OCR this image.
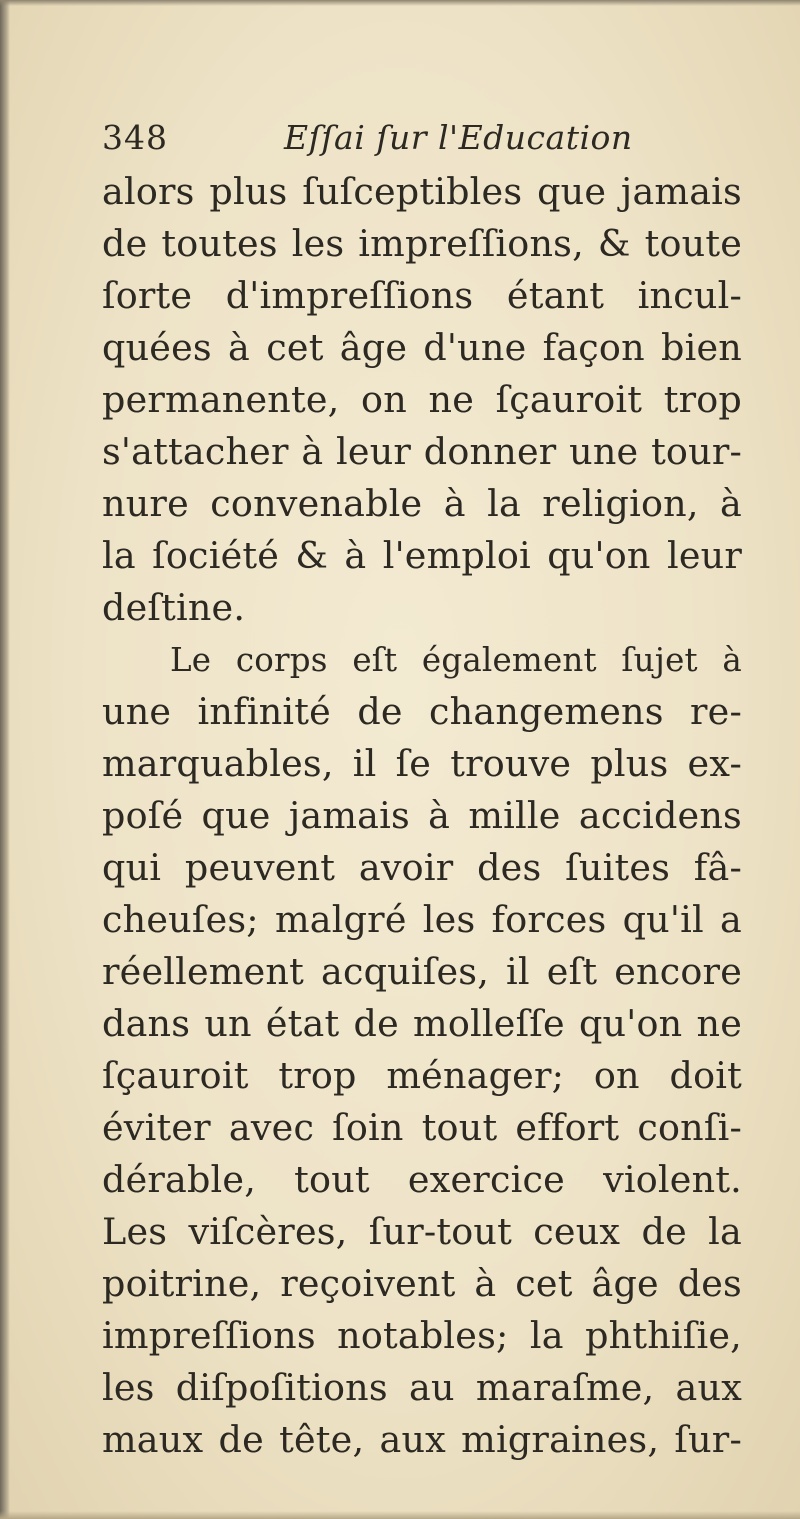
348	Eſſai ſur l'Education
alors plus ſuſceptibles que jamais
de toutes les impreſſions, & toute
ſorte d'impreſſions étant incul-
quées à cet âge d'une façon bien
permanente, on ne ſçauroit trop
s'attacher à leur donner une tour-
nure convenable à la religion, à
la ſociété & à l'emploi qu'on leur
deſtine.
Le corps eſt également ſujet à
une infinité de changemens re-
marquables, il ſe trouve plus ex-
poſé que jamais à mille accidens
qui peuvent avoir des ſuites fâ-
cheuſes; malgré les forces qu'il a
réellement acquiſes, il eſt encore
dans un état de molleſſe qu'on ne
ſçauroit trop ménager; on doit
éviter avec ſoin tout effort conſi-
dérable, tout exercice violent.
Les viſcères, ſur-tout ceux de la
poitrine, reçoivent à cet âge des
impreſſions notables; la phthiſie,
les diſpoſitions au maraſme, aux
maux de tête, aux migraines, ſur-
